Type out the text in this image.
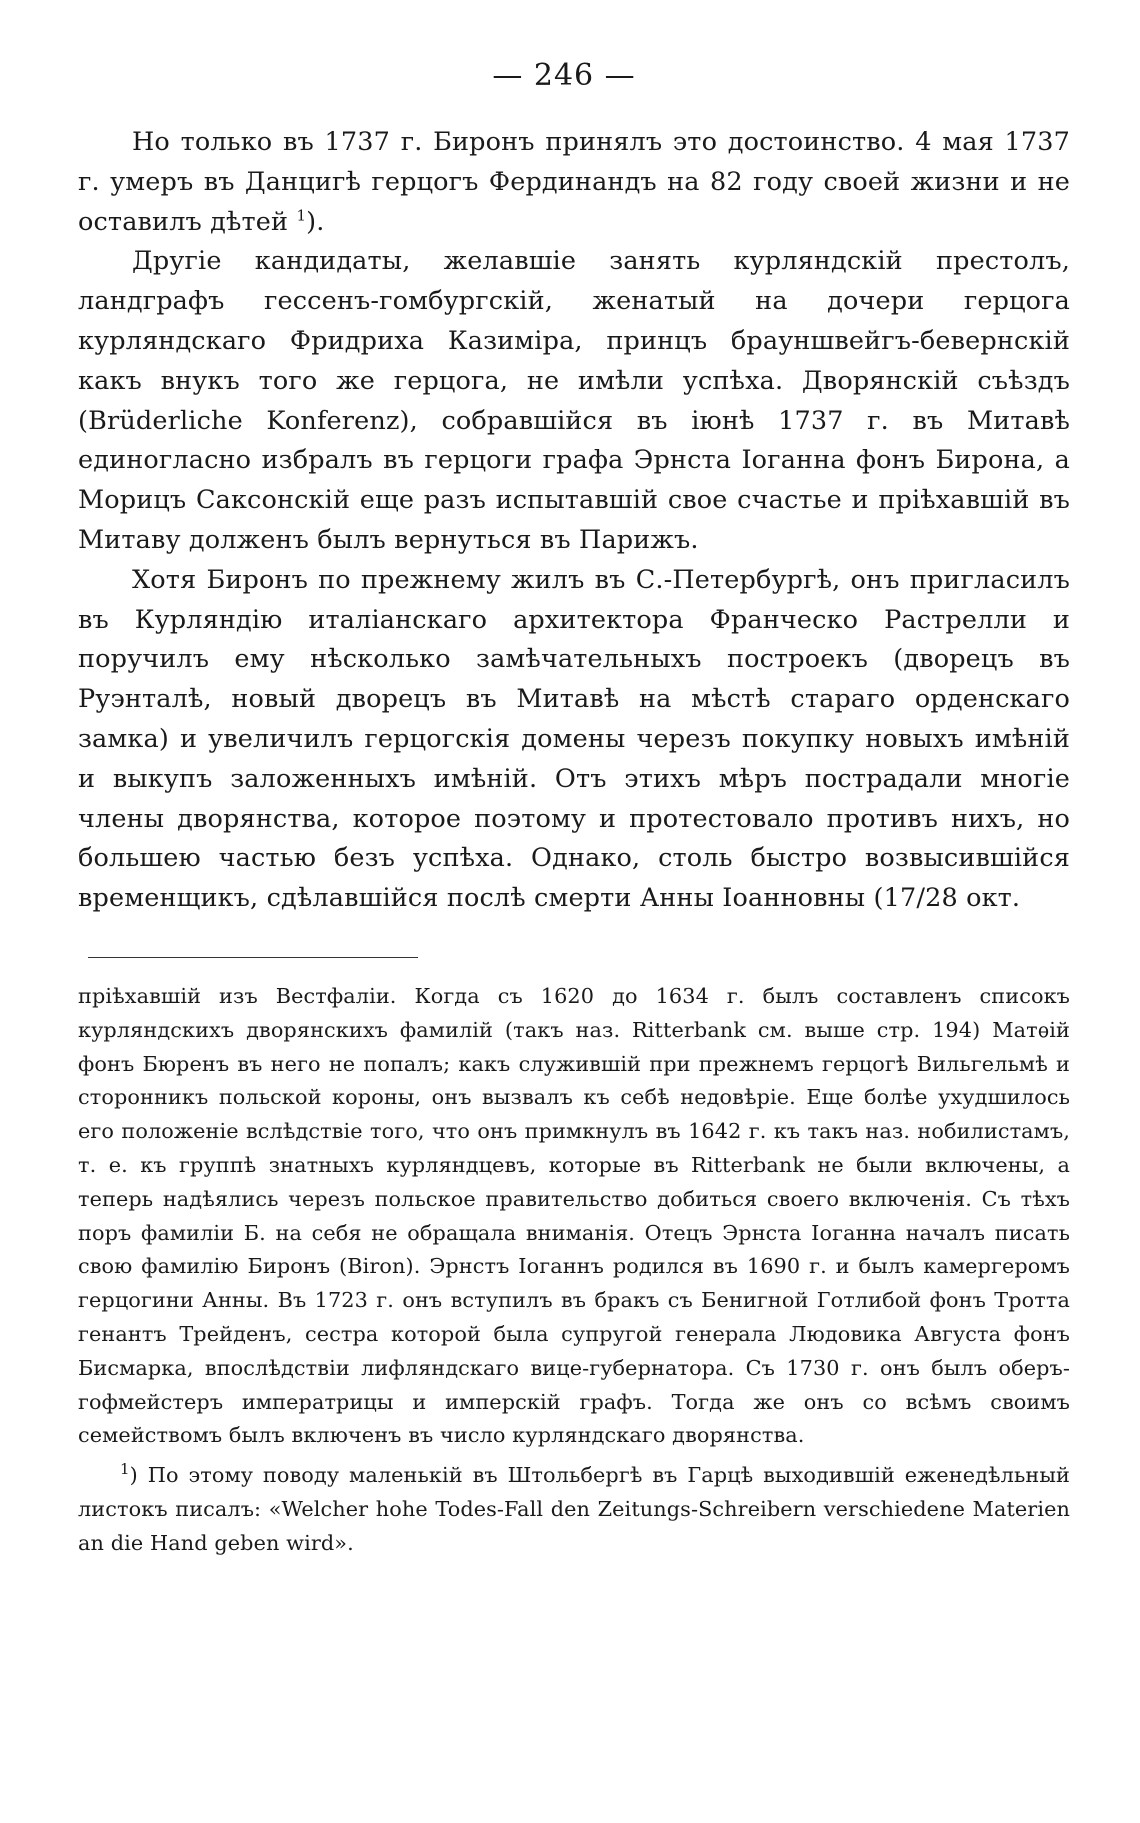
— 246 —

Но только въ 1737 г. Биронъ принялъ это достоинство. 4 мая 1737 г. умеръ въ Данцигѣ герцогъ Фердинандъ на 82 году своей жизни и не оставилъ дѣтей $^1$).

Другіе кандидаты, желавшіе занять курляндскій престолъ, ландграфъ гессенъ-гомбургскій, женатый на дочери герцога курляндскаго Фридриха Казиміра, принцъ брауншвейгъ-бевернскій какъ внукъ того же герцога, не имѣли успѣха. Дворянскій съѣздъ (Brüderliche Konferenz), собравшійся въ іюнѣ 1737 г. въ Митавѣ единогласно избралъ въ герцоги графа Эрнста Іоганна фонъ Бирона, а Морицъ Саксонскій еще разъ испытавшій свое счастье и пріѣхавшій въ Митаву долженъ былъ вернуться въ Парижъ.

Хотя Биронъ по прежнему жилъ въ С.-Петербургѣ, онъ пригласилъ въ Курляндію италіанскаго архитектора Франческо Растрелли и поручилъ ему нѣсколько замѣчательныхъ построекъ (дворецъ въ Руэнталѣ, новый дворецъ въ Митавѣ на мѣстѣ стараго орденскаго замка) и увеличилъ герцогскія домены черезъ покупку новыхъ имѣній и выкупъ заложенныхъ имѣній. Отъ этихъ мѣръ пострадали многіе члены дворянства, которое поэтому и протестовало противъ нихъ, но большею частью безъ успѣха. Однако, столь быстро возвысившійся временщикъ, сдѣлавшійся послѣ смерти Анны Іоанновны (17/28 окт.

пріѣхавшій изъ Вестфаліи. Когда съ 1620 до 1634 г. былъ составленъ списокъ курляндскихъ дворянскихъ фамилій (такъ наз. Ritterbank см. выше стр. 194) Матѳій фонъ Бюренъ въ него не попалъ; какъ служившій при прежнемъ герцогѣ Вильгельмѣ и сторонникъ польской короны, онъ вызвалъ къ себѣ недовѣріе. Еще болѣе ухудшилось его положеніе вслѣдствіе того, что онъ примкнулъ въ 1642 г. къ такъ наз. нобилистамъ, т. е. къ группѣ знатныхъ курляндцевъ, которые въ Ritterbank не были включены, а теперь надѣялись черезъ польское правительство добиться своего включенія. Съ тѣхъ поръ фамиліи Б. на себя не обращала вниманія. Отецъ Эрнста Іоганна началъ писать свою фамилію Биронъ (Biron). Эрнстъ Іоганнъ родился въ 1690 г. и былъ камергеромъ герцогини Анны. Въ 1723 г. онъ вступилъ въ бракъ съ Бенигной Готлибой фонъ Тротта генантъ Трейденъ, сестра которой была супругой генерала Людовика Августа фонъ Бисмарка, впослѣдствіи лифляндскаго вице-губернатора. Съ 1730 г. онъ былъ оберъ-гофмейстеръ императрицы и имперскій графъ. Тогда же онъ со всѣмъ своимъ семействомъ былъ включенъ въ число курляндскаго дворянства.

$^1$) По этому поводу маленькій въ Штольбергѣ въ Гарцѣ выходившій еженедѣльный листокъ писалъ: «Welcher hohe Todes-Fall den Zeitungs-Schreibern verschiedene Materien an die Hand geben wird».
